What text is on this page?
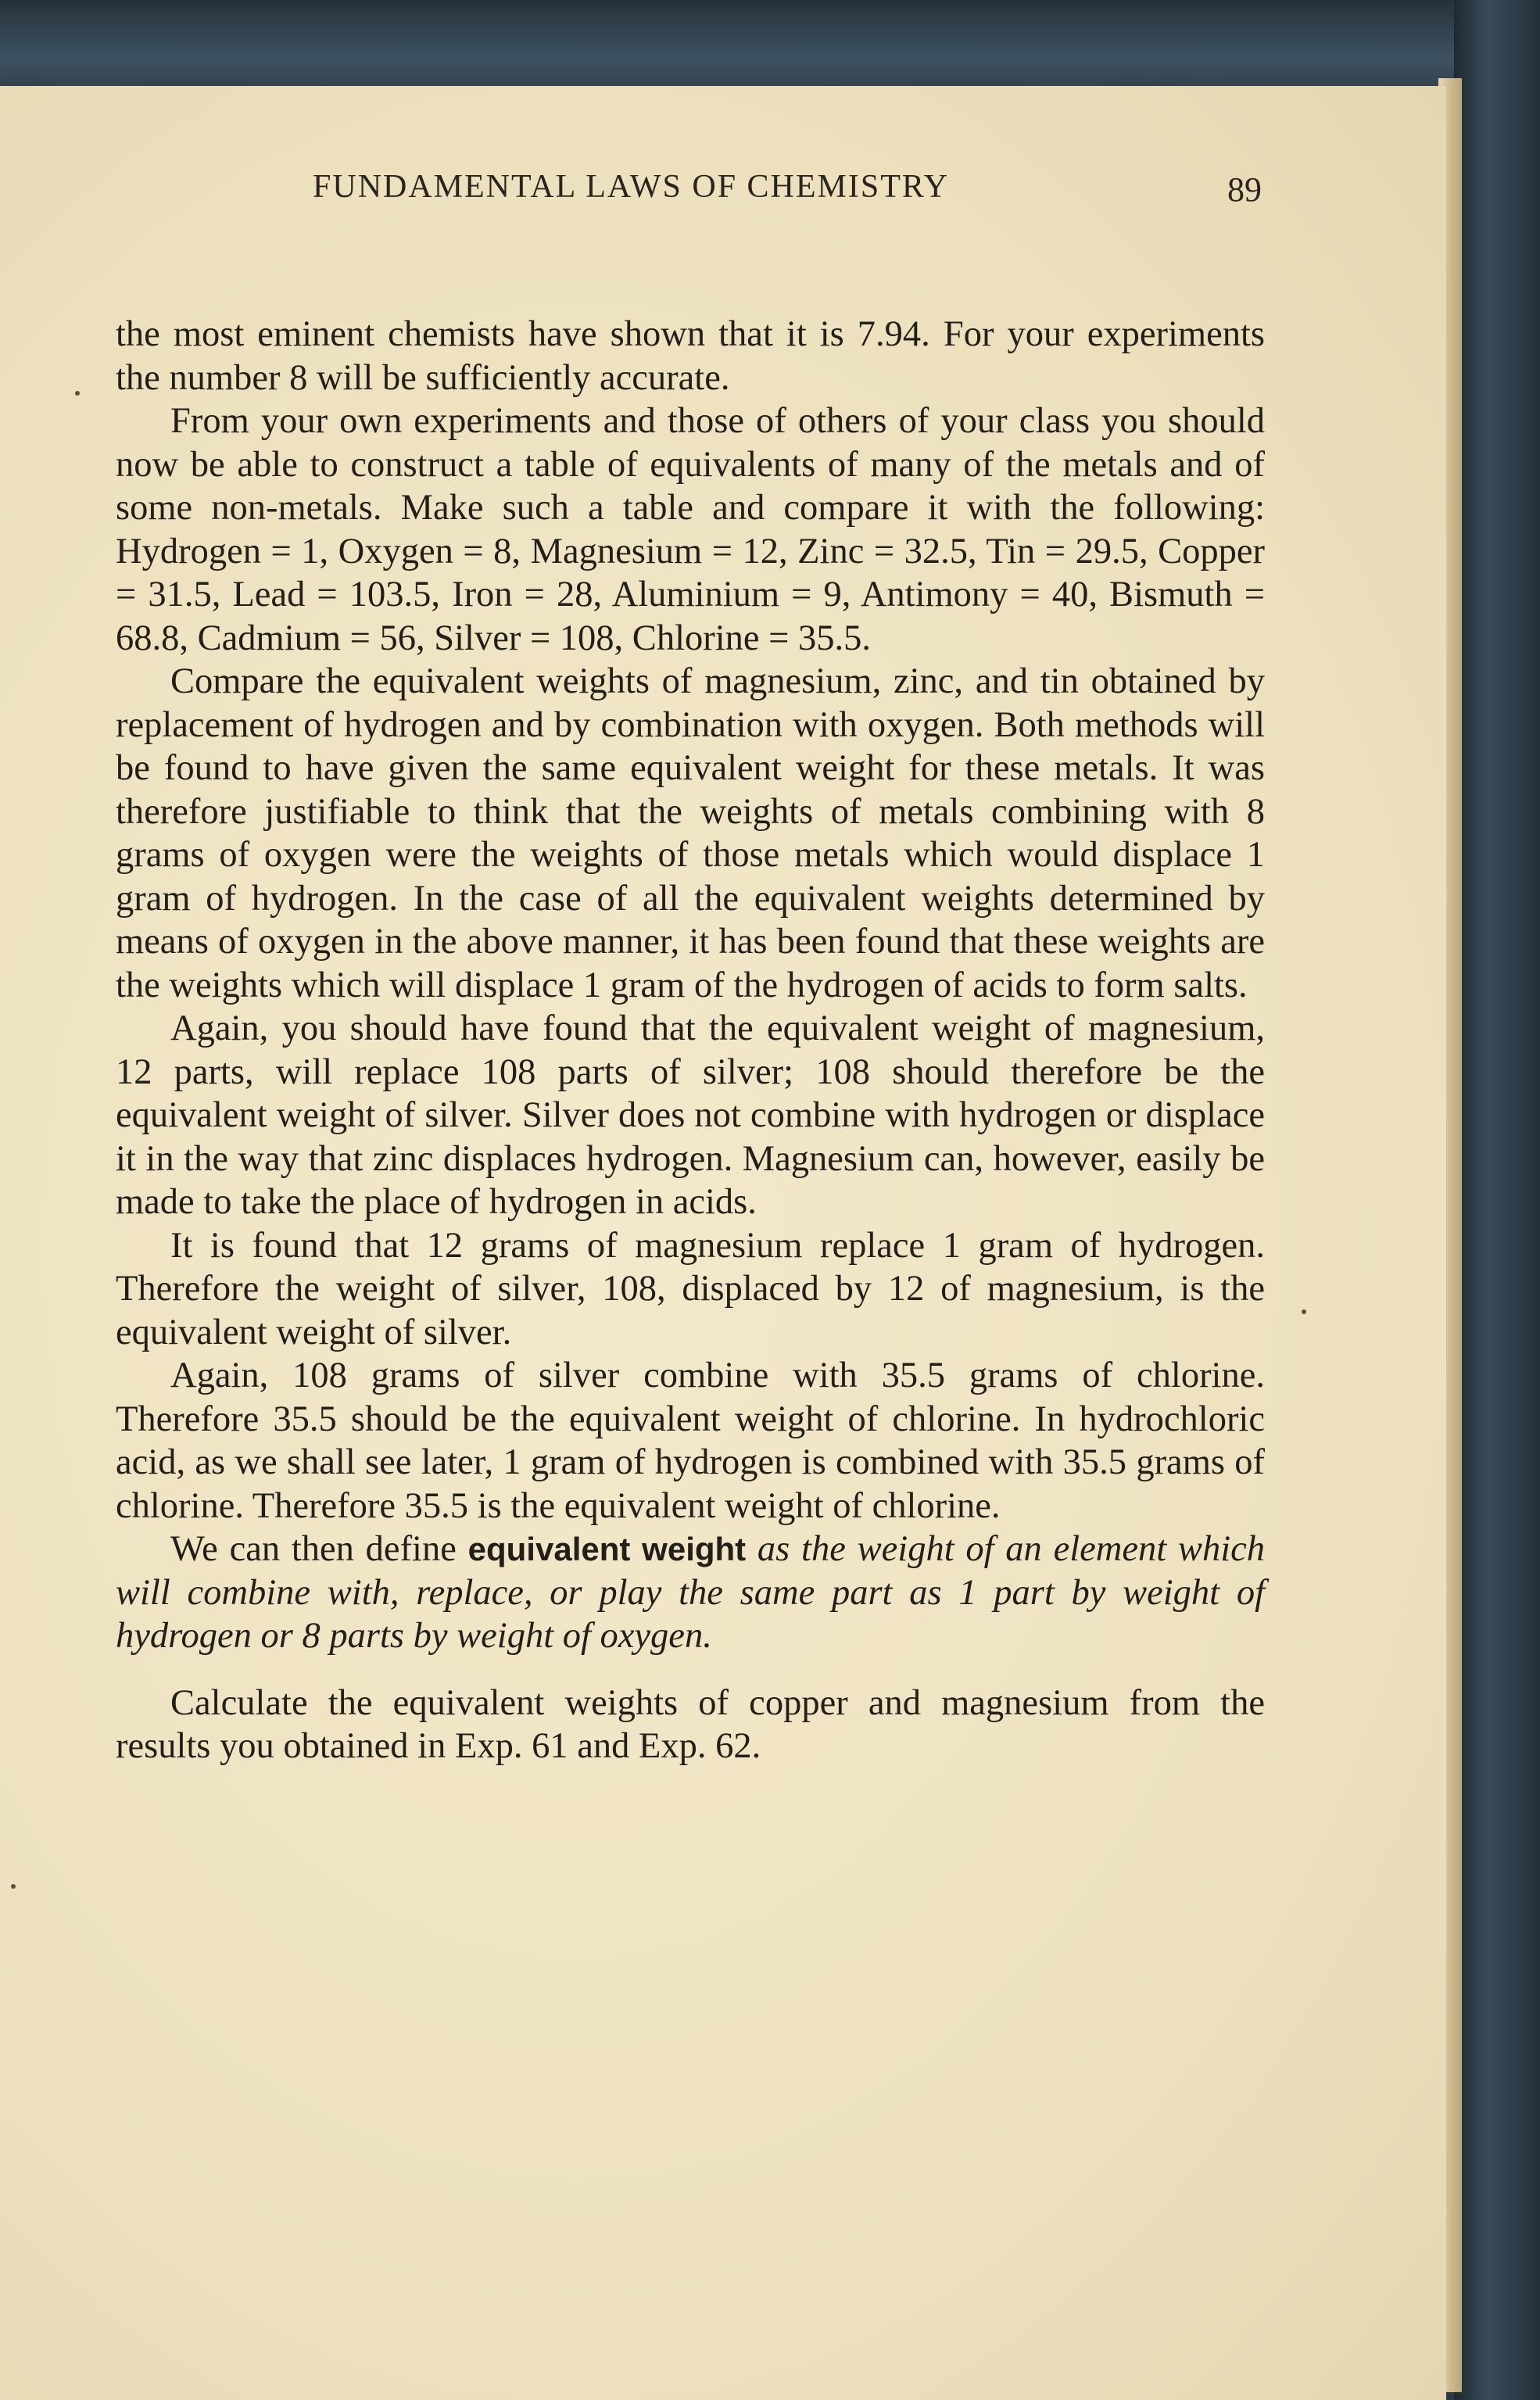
FUNDAMENTAL LAWS OF CHEMISTRY	89

the most eminent chemists have shown that it is 7.94. For your experiments the number 8 will be sufficiently accurate.

From your own experiments and those of others of your class you should now be able to construct a table of equivalents of many of the metals and of some non-metals. Make such a table and compare it with the following: Hydrogen = 1, Oxygen = 8, Magnesium = 12, Zinc = 32.5, Tin = 29.5, Copper = 31.5, Lead = 103.5, Iron = 28, Aluminium = 9, Antimony = 40, Bismuth = 68.8, Cadmium = 56, Silver = 108, Chlorine = 35.5.

Compare the equivalent weights of magnesium, zinc, and tin obtained by replacement of hydrogen and by combination with oxygen. Both methods will be found to have given the same equivalent weight for these metals. It was therefore justifiable to think that the weights of metals combining with 8 grams of oxygen were the weights of those metals which would displace 1 gram of hydrogen. In the case of all the equivalent weights determined by means of oxygen in the above manner, it has been found that these weights are the weights which will displace 1 gram of the hydrogen of acids to form salts.

Again, you should have found that the equivalent weight of magnesium, 12 parts, will replace 108 parts of silver; 108 should therefore be the equivalent weight of silver. Silver does not combine with hydrogen or displace it in the way that zinc displaces hydrogen. Magnesium can, however, easily be made to take the place of hydrogen in acids.

It is found that 12 grams of magnesium replace 1 gram of hydrogen. Therefore the weight of silver, 108, displaced by 12 of magnesium, is the equivalent weight of silver.

Again, 108 grams of silver combine with 35.5 grams of chlorine. Therefore 35.5 should be the equivalent weight of chlorine. In hydrochloric acid, as we shall see later, 1 gram of hydrogen is combined with 35.5 grams of chlorine. Therefore 35.5 is the equivalent weight of chlorine.

We can then define equivalent weight as the weight of an element which will combine with, replace, or play the same part as 1 part by weight of hydrogen or 8 parts by weight of oxygen.

Calculate the equivalent weights of copper and magnesium from the results you obtained in Exp. 61 and Exp. 62.
